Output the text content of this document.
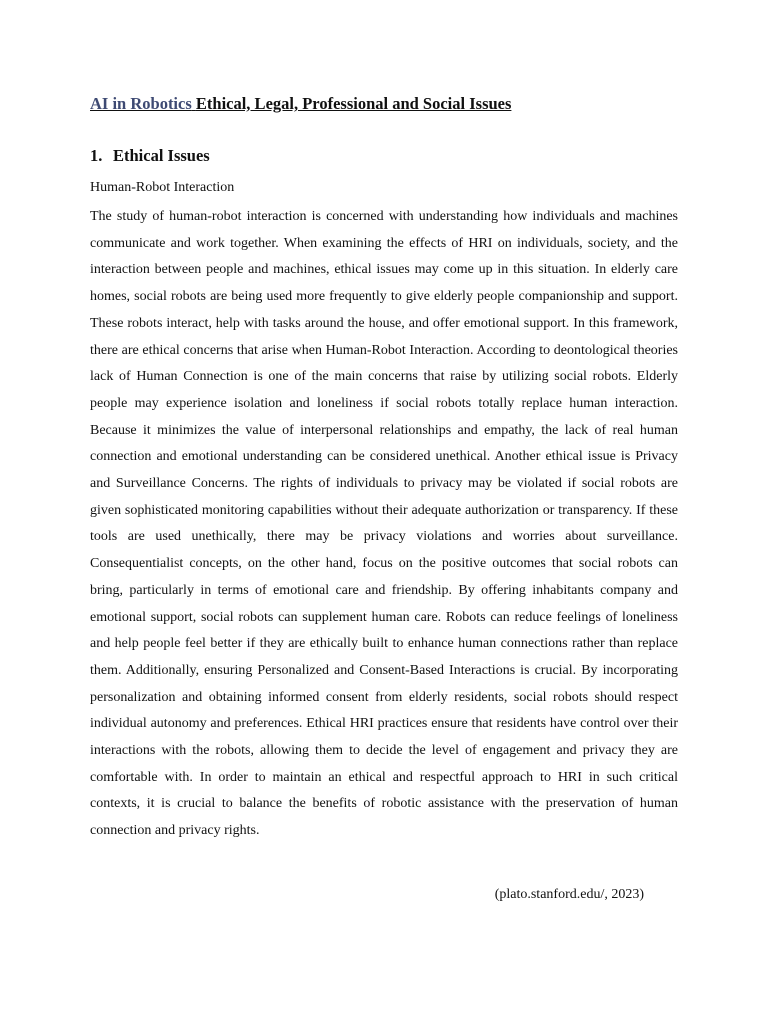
AI in Robotics Ethical, Legal, Professional and Social Issues
1. Ethical Issues

Human-Robot Interaction

The study of human-robot interaction is concerned with understanding how individuals and machines communicate and work together. When examining the effects of HRI on individuals, society, and the interaction between people and machines, ethical issues may come up in this situation. In elderly care homes, social robots are being used more frequently to give elderly people companionship and support. These robots interact, help with tasks around the house, and offer emotional support. In this framework, there are ethical concerns that arise when Human-Robot Interaction. According to deontological theories lack of Human Connection is one of the main concerns that raise by utilizing social robots. Elderly people may experience isolation and loneliness if social robots totally replace human interaction. Because it minimizes the value of interpersonal relationships and empathy, the lack of real human connection and emotional understanding can be considered unethical. Another ethical issue is Privacy and Surveillance Concerns. The rights of individuals to privacy may be violated if social robots are given sophisticated monitoring capabilities without their adequate authorization or transparency. If these tools are used unethically, there may be privacy violations and worries about surveillance. Consequentialist concepts, on the other hand, focus on the positive outcomes that social robots can bring, particularly in terms of emotional care and friendship. By offering inhabitants company and emotional support, social robots can supplement human care. Robots can reduce feelings of loneliness and help people feel better if they are ethically built to enhance human connections rather than replace them. Additionally, ensuring Personalized and Consent-Based Interactions is crucial. By incorporating personalization and obtaining informed consent from elderly residents, social robots should respect individual autonomy and preferences. Ethical HRI practices ensure that residents have control over their interactions with the robots, allowing them to decide the level of engagement and privacy they are comfortable with. In order to maintain an ethical and respectful approach to HRI in such critical contexts, it is crucial to balance the benefits of robotic assistance with the preservation of human connection and privacy rights.

(plato.stanford.edu/, 2023)
